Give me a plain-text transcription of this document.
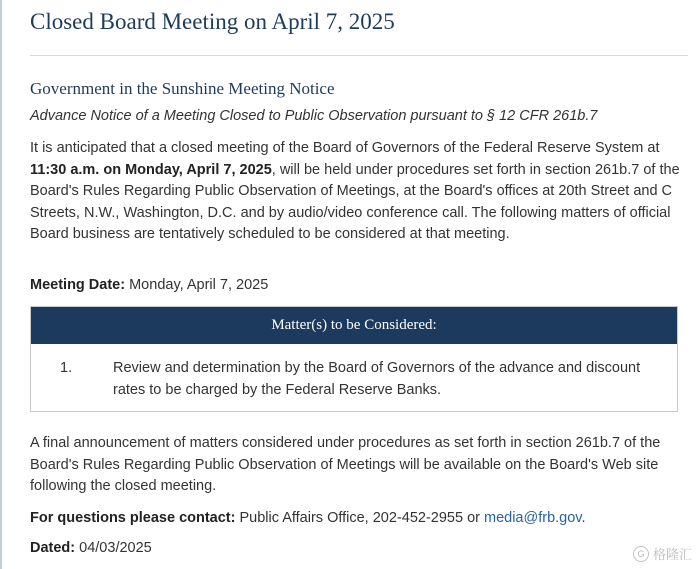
Closed Board Meeting on April 7, 2025
Government in the Sunshine Meeting Notice
Advance Notice of a Meeting Closed to Public Observation pursuant to § 12 CFR 261b.7

It is anticipated that a closed meeting of the Board of Governors of the Federal Reserve System at 11:30 a.m. on Monday, April 7, 2025, will be held under procedures set forth in section 261b.7 of the Board's Rules Regarding Public Observation of Meetings, at the Board's offices at 20th Street and C Streets, N.W., Washington, D.C. and by audio/video conference call. The following matters of official Board business are tentatively scheduled to be considered at that meeting.

Meeting Date: Monday, April 7, 2025
Matter(s) to be Considered:
1.	Review and determination by the Board of Governors of the advance and discount rates to be charged by the Federal Reserve Banks.

A final announcement of matters considered under procedures as set forth in section 261b.7 of the Board's Rules Regarding Public Observation of Meetings will be available on the Board's Web site following the closed meeting.

For questions please contact: Public Affairs Office, 202-452-2955 or media@frb.gov.
Dated: 04/03/2025	G 格隆汇
